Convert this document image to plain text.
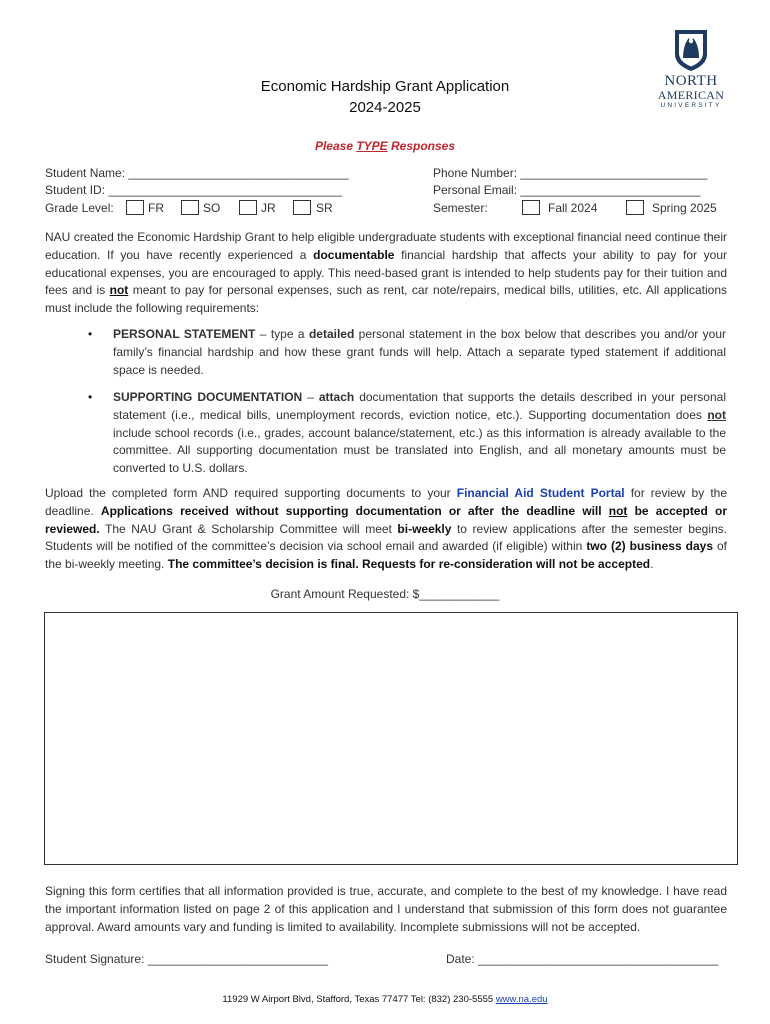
NORTH
AMERICAN
UNIVERSITY
Economic Hardship Grant Application
2024-2025
Please TYPE Responses
Student Name: _________________________________
Student ID: ___________________________________
Grade Level:	FR	SO	JR	SR
Phone Number: ____________________________
Personal Email: ___________________________
Semester:	Fall 2024	Spring 2025
NAU created the Economic Hardship Grant to help eligible undergraduate students with exceptional financial need continue their education. If you have recently experienced a documentable financial hardship that affects your ability to pay for your educational expenses, you are encouraged to apply. This need-based grant is intended to help students pay for their tuition and fees and is not meant to pay for personal expenses, such as rent, car note/repairs, medical bills, utilities, etc. All applications must include the following requirements:
• PERSONAL STATEMENT – type a detailed personal statement in the box below that describes you and/or your family’s financial hardship and how these grant funds will help. Attach a separate typed statement if additional space is needed.
• SUPPORTING DOCUMENTATION – attach documentation that supports the details described in your personal statement (i.e., medical bills, unemployment records, eviction notice, etc.). Supporting documentation does not include school records (i.e., grades, account balance/statement, etc.) as this information is already available to the committee. All supporting documentation must be translated into English, and all monetary amounts must be converted to U.S. dollars.
Upload the completed form AND required supporting documents to your Financial Aid Student Portal for review by the deadline. Applications received without supporting documentation or after the deadline will not be accepted or reviewed. The NAU Grant & Scholarship Committee will meet bi-weekly to review applications after the semester begins. Students will be notified of the committee’s decision via school email and awarded (if eligible) within two (2) business days of the bi-weekly meeting. The committee’s decision is final. Requests for re-consideration will not be accepted.
Grant Amount Requested: $____________
Signing this form certifies that all information provided is true, accurate, and complete to the best of my knowledge. I have read the important information listed on page 2 of this application and I understand that submission of this form does not guarantee approval. Award amounts vary and funding is limited to availability. Incomplete submissions will not be accepted.
Student Signature: ___________________________	Date: ____________________________________
11929 W Airport Blvd, Stafford, Texas 77477 Tel: (832) 230-5555 www.na.edu
